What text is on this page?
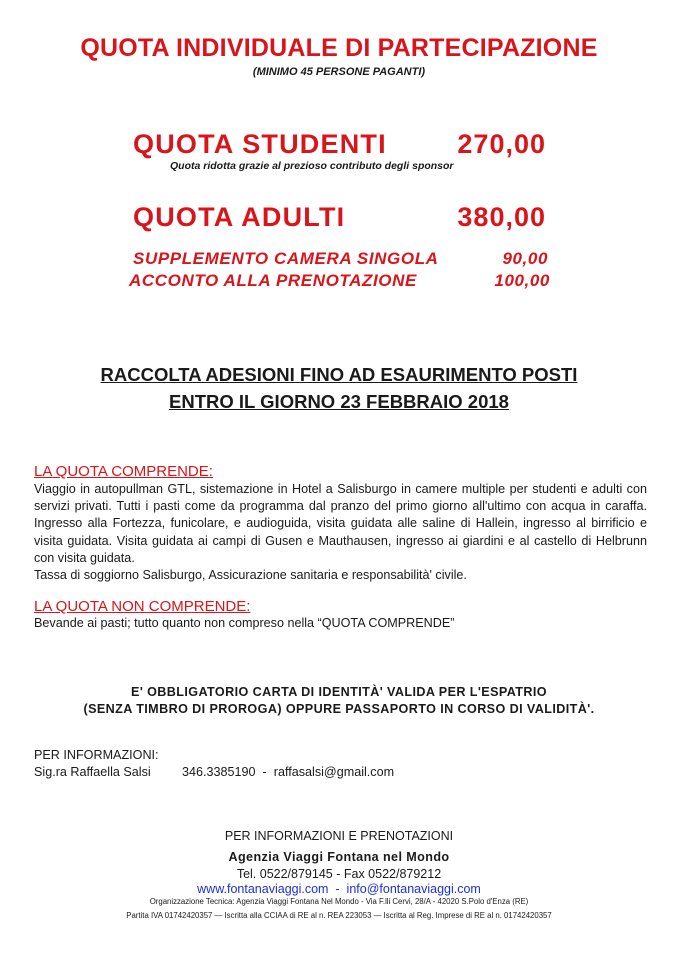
QUOTA INDIVIDUALE DI PARTECIPAZIONE
(MINIMO 45 PERSONE PAGANTI)
QUOTA STUDENTI	270,00
Quota ridotta grazie al prezioso contributo degli sponsor
QUOTA ADULTI	380,00
SUPPLEMENTO CAMERA SINGOLA	90,00
ACCONTO ALLA PRENOTAZIONE	100,00
RACCOLTA ADESIONI FINO AD ESAURIMENTO POSTI
ENTRO IL GIORNO 23 FEBBRAIO 2018
LA QUOTA COMPRENDE:
Viaggio in autopullman GTL, sistemazione in Hotel a Salisburgo in camere multiple per studenti e adulti con servizi privati. Tutti i pasti come da programma dal pranzo del primo giorno all'ultimo con acqua in caraffa. Ingresso alla Fortezza, funicolare, e audioguida, visita guidata alle saline di Hallein, ingresso al birrificio e visita guidata. Visita guidata ai campi di Gusen e Mauthausen, ingresso ai giardini e al castello di Helbrunn con visita guidata.
Tassa di soggiorno Salisburgo, Assicurazione sanitaria e responsabilità' civile.
LA QUOTA NON COMPRENDE:
Bevande ai pasti; tutto quanto non compreso nella “QUOTA COMPRENDE”
E' OBBLIGATORIO CARTA DI IDENTITÀ' VALIDA PER L'ESPATRIO
(SENZA TIMBRO DI PROROGA) OPPURE PASSAPORTO IN CORSO DI VALIDITÀ'.
PER INFORMAZIONI:
Sig.ra Raffaella Salsi 346.3385190 - raffasalsi@gmail.com
PER INFORMAZIONI E PRENOTAZIONI
Agenzia Viaggi Fontana nel Mondo
Tel. 0522/879145 - Fax 0522/879212
www.fontanaviaggi.com - info@fontanaviaggi.com
Organizzazione Tecnica: Agenzia Viaggi Fontana Nel Mondo - Via F.lli Cervi, 28/A - 42020 S.Polo d'Enza (RE)
Partita IVA 01742420357 — Iscritta alla CCIAA di RE al n. REA 223053 — Iscritta al Reg. Imprese di RE al n. 01742420357
